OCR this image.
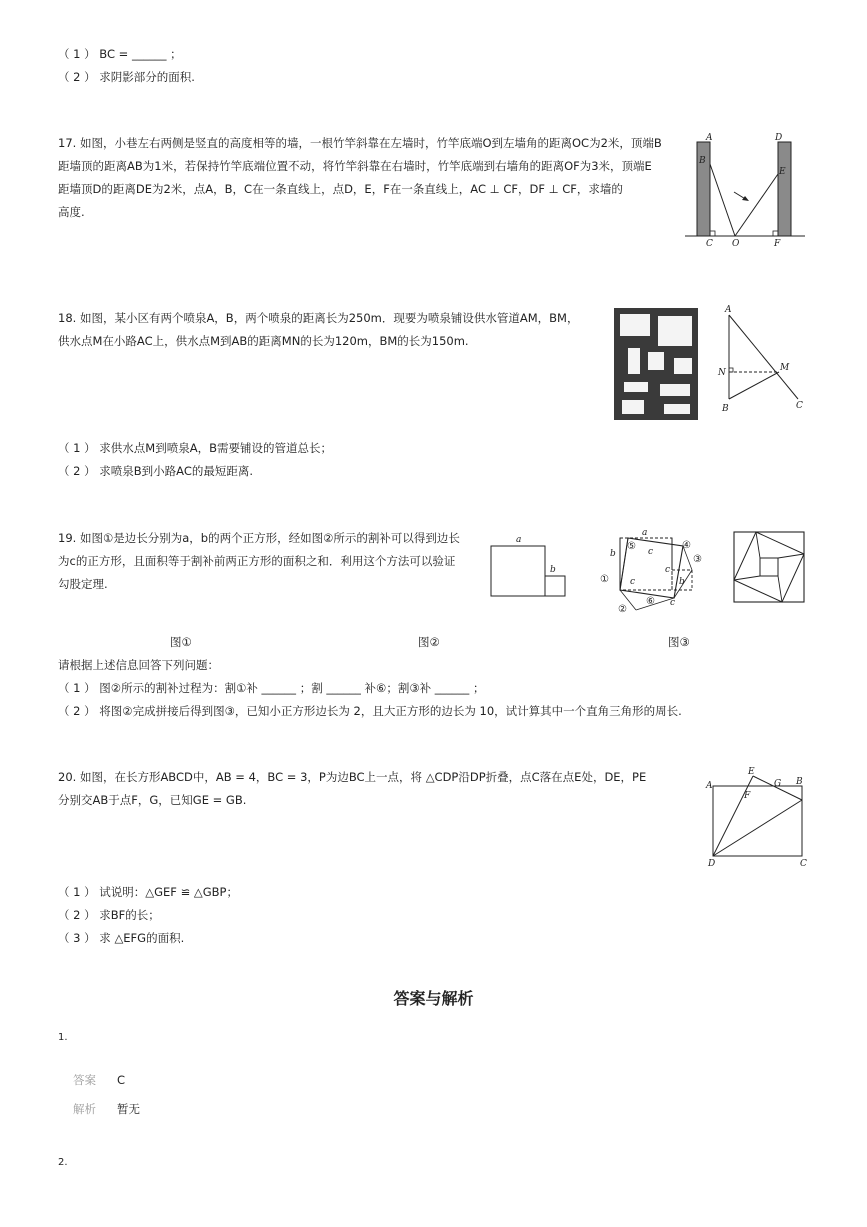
（ 1 ） BC = ______ ；
（ 2 ） 求阴影部分的面积.
17. 如图，小巷左右两侧是竖直的高度相等的墙，一根竹竿斜靠在左墙时，竹竿底端O到左墙角的距离OC为2米，顶端B
距墙顶的距离AB为1米，若保持竹竿底端位置不动，将竹竿斜靠在右墙时，竹竿底端到右墙角的距离OF为3米，顶端E
距墙顶D的距离DE为2米，点A，B，C在一条直线上，点D，E，F在一条直线上，AC ⊥ CF，DF ⊥ CF，求墙的
高度.
A
B
C O
D
E
F
18. 如图，某小区有两个喷泉A，B，两个喷泉的距离长为250m．现要为喷泉铺设供水管道AM，BM，
供水点M在小路AC上，供水点M到AB的距离MN的长为120m，BM的长为150m.
A
N	M
B	C
（ 1 ） 求供水点M到喷泉A，B需要铺设的管道总长；
（ 2 ） 求喷泉B到小路AC的最短距离.
19. 如图①是边长分别为a，b的两个正方形，经如图②所示的割补可以得到边长
为c的正方形，且面积等于割补前两正方形的面积之和．利用这个方法可以验证
勾股定理.
a
b
a
b
b
c
c
c
c
①
②
③
④
⑤
⑥
图①	图②	图③
请根据上述信息回答下列问题：
（ 1 ） 图②所示的割补过程为：割①补 ______ ；割 ______ 补⑥；割③补 ______ ；
（ 2 ） 将图②完成拼接后得到图③，已知小正方形边长为 2，且大正方形的边长为 10，试计算其中一个直角三角形的周长.
20. 如图，在长方形ABCD中，AB = 4，BC = 3，P为边BC上一点，将 △CDP沿DP折叠，点C落在点E处，DE，PE
分别交AB于点F，G，已知GE = GB.
A
E
G B
F
D	C
（ 1 ） 试说明：△GEF ≌ △GBP；
（ 2 ） 求BF的长；
（ 3 ） 求 △EFG的面积.
答案与解析
1.
答案 C
解析 暂无
2.
